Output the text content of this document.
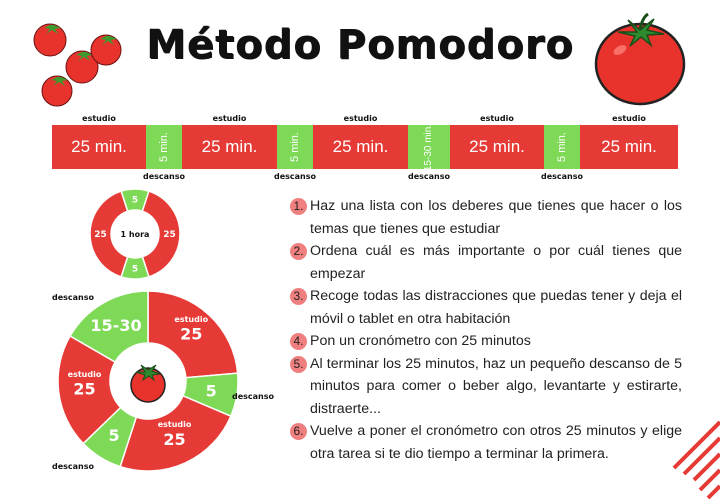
Método Pomodoro
25 min.
estudio
5 min.
descanso
25 min.
estudio
5 min.
descanso
25 min.
estudio
15-30 min.
descanso
25 min.
estudio
5 min.
descanso
25 min.
estudio
5
25
5
25 1 hora
25
estudio
5
25
estudio
5
25
estudio
15-30
descanso
descanso
descanso

1. Haz una lista con los deberes que tienes que hacer o los temas que tienes que estudiar

2. Ordena cuál es más importante o por cuál tienes que empezar

3. Recoge todas las distracciones que puedas tener y deja el móvil o tablet en otra habitación

4. Pon un cronómetro con 25 minutos

5. Al terminar los 25 minutos, haz un pequeño descanso de 5 minutos para comer o beber algo, levantarte y estirarte, distraerte...

6. Vuelve a poner el cronómetro con otros 25 minutos y elige otra tarea si te dio tiempo a terminar la primera.
